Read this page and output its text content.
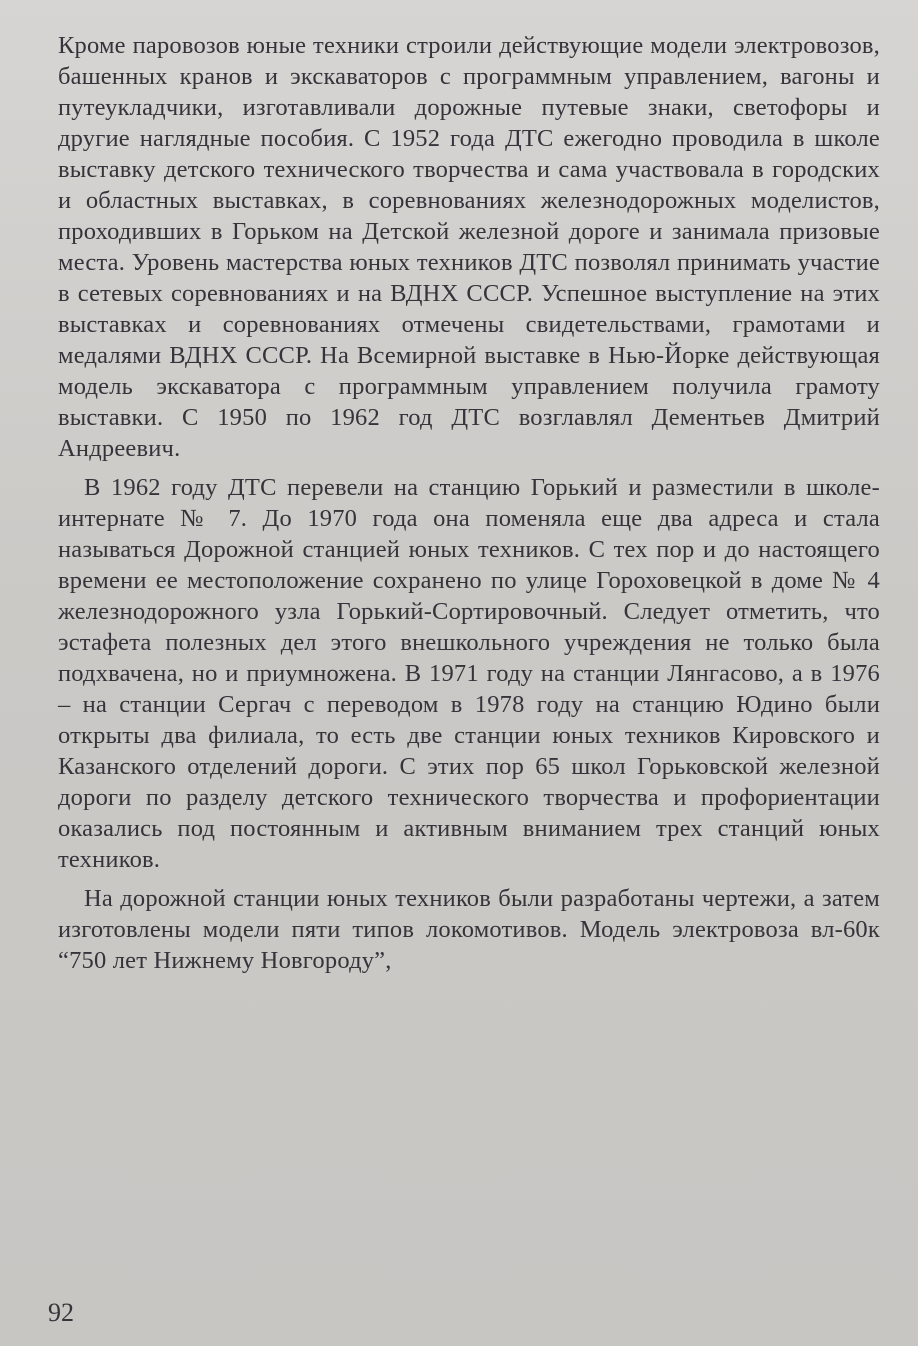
Кроме паровозов юные техники строили действующие модели электровозов, башенных кранов и экскаваторов с программным управлением, вагоны и путеукладчики, изготавливали дорожные путевые знаки, светофоры и другие наглядные пособия. С 1952 года ДТС ежегодно проводила в школе выставку детского технического творчества и сама участвовала в городских и областных выставках, в соревнованиях железнодорожных моделистов, проходивших в Горьком на Детской железной дороге и занимала призовые места. Уровень мастерства юных техников ДТС позволял принимать участие в сетевых соревнованиях и на ВДНХ СССР. Успешное выступление на этих выставках и соревнованиях отмечены свидетельствами, грамотами и медалями ВДНХ СССР. На Всемирной выставке в Нью-Йорке действующая модель экскаватора с программным управлением получила грамоту выставки. С 1950 по 1962 год ДТС возглавлял Дементьев Дмитрий Андреевич.

В 1962 году ДТС перевели на станцию Горький и разместили в школе-интернате № 7. До 1970 года она поменяла еще два адреса и стала называться Дорожной станцией юных техников. С тех пор и до настоящего времени ее местоположение сохранено по улице Гороховецкой в доме № 4 железнодорожного узла Горький-Сортировочный. Следует отметить, что эстафета полезных дел этого внешкольного учреждения не только была подхвачена, но и приумножена. В 1971 году на станции Лянгасово, а в 1976 – на станции Сергач с переводом в 1978 году на станцию Юдино были открыты два филиала, то есть две станции юных техников Кировского и Казанского отделений дороги. С этих пор 65 школ Горьковской железной дороги по разделу детского технического творчества и профориентации оказались под постоянным и активным вниманием трех станций юных техников.

На дорожной станции юных техников были разработаны чертежи, а затем изготовлены модели пяти типов локомотивов. Модель электровоза вл-60к “750 лет Нижнему Новгороду”,

92
